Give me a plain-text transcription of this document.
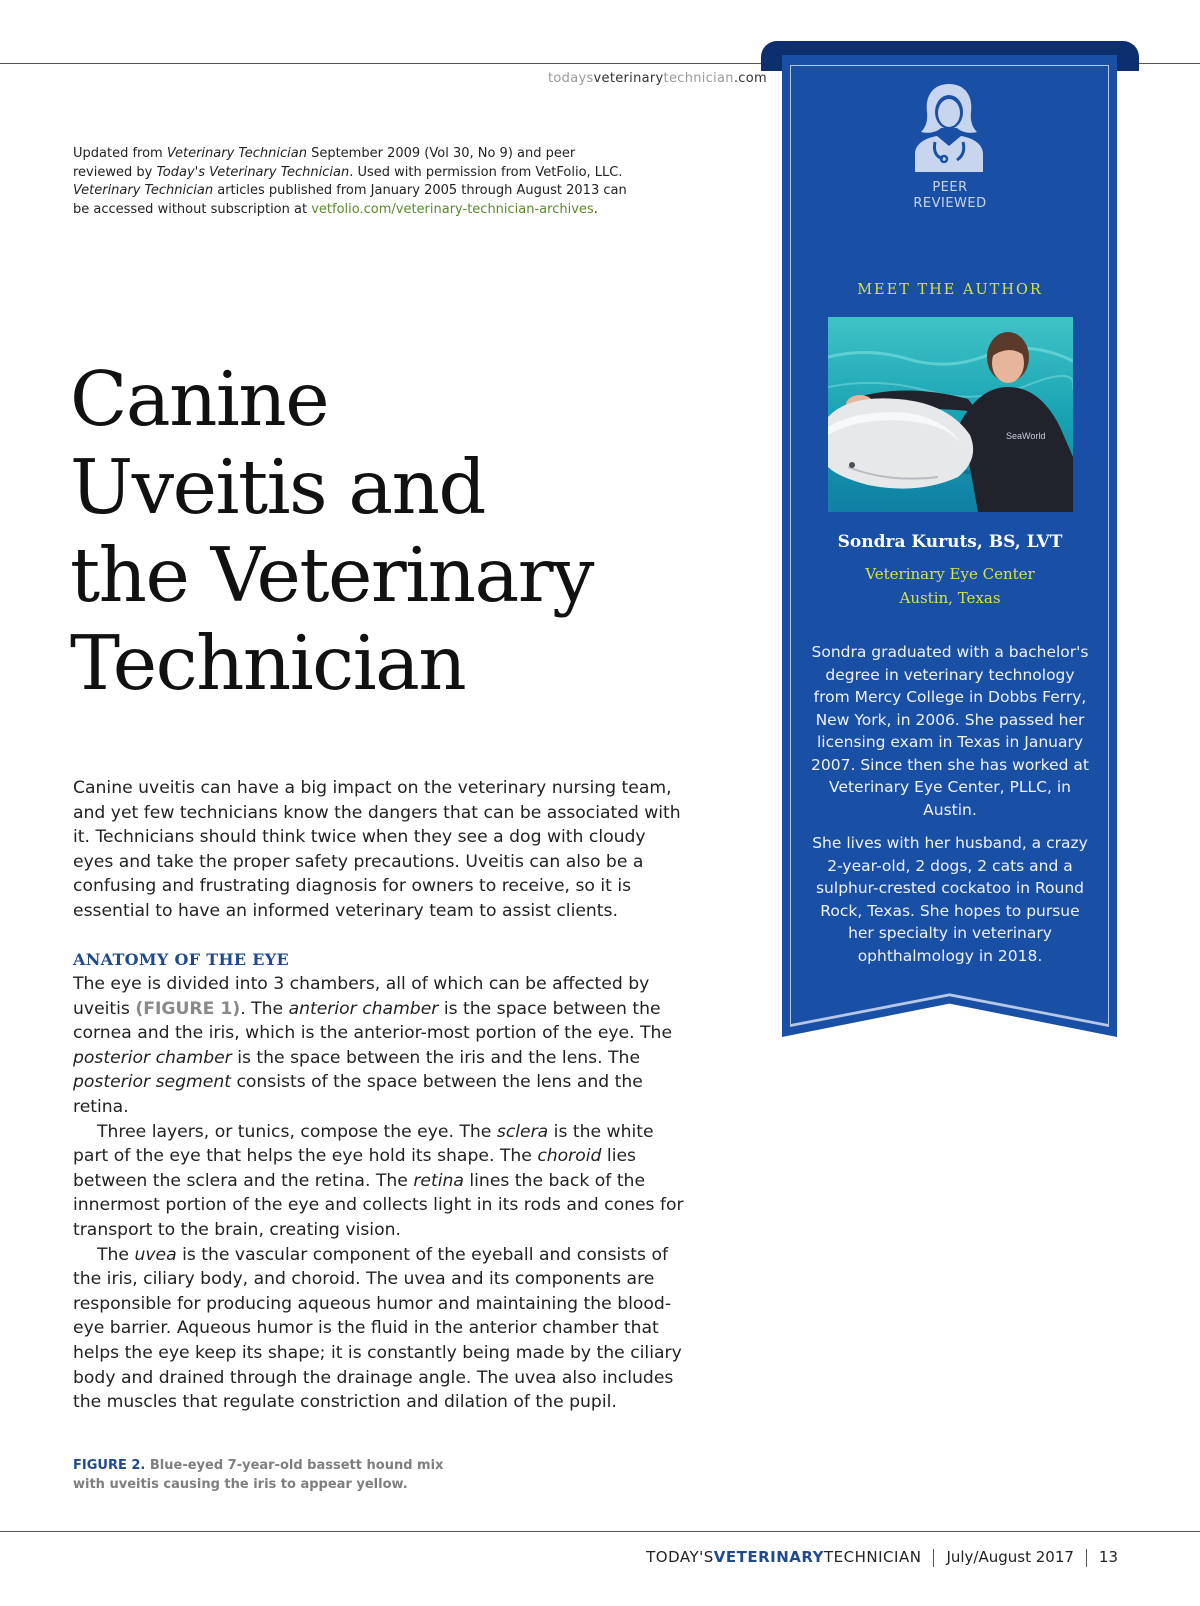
todaysveterinarytechnician.com
Updated from Veterinary Technician September 2009 (Vol 30, No 9) and peer reviewed by Today's Veterinary Technician. Used with permission from VetFolio, LLC. Veterinary Technician articles published from January 2005 through August 2013 can be accessed without subscription at vetfolio.com/veterinary-technician-archives.
Canine
Uveitis and
the Veterinary
Technician
Canine uveitis can have a big impact on the veterinary nursing team, and yet few technicians know the dangers that can be associated with it. Technicians should think twice when they see a dog with cloudy eyes and take the proper safety precautions. Uveitis can also be a confusing and frustrating diagnosis for owners to receive, so it is essential to have an informed veterinary team to assist clients.
ANATOMY OF THE EYE

The eye is divided into 3 chambers, all of which can be affected by uveitis (FIGURE 1). The anterior chamber is the space between the cornea and the iris, which is the anterior-most portion of the eye. The posterior chamber is the space between the iris and the lens. The posterior segment consists of the space between the lens and the retina.

Three layers, or tunics, compose the eye. The sclera is the white part of the eye that helps the eye hold its shape. The choroid lies between the sclera and the retina. The retina lines the back of the innermost portion of the eye and collects light in its rods and cones for transport to the brain, creating vision.

The uvea is the vascular component of the eyeball and consists of the iris, ciliary body, and choroid. The uvea and its components are responsible for producing aqueous humor and maintaining the blood-eye barrier. Aqueous humor is the fluid in the anterior chamber that helps the eye keep its shape; it is constantly being made by the ciliary body and drained through the drainage angle. The uvea also includes the muscles that regulate constriction and dilation of the pupil.

FIGURE 2. Blue-eyed 7-year-old bassett hound mix with uveitis causing the iris to appear yellow.
PEER
REVIEWED
MEET THE AUTHOR
SeaWorld
Sondra Kuruts, BS, LVT
Veterinary Eye Center
Austin, Texas

Sondra graduated with a bachelor's degree in veterinary technology from Mercy College in Dobbs Ferry, New York, in 2006. She passed her licensing exam in Texas in January 2007. Since then she has worked at Veterinary Eye Center, PLLC, in Austin.

She lives with her husband, a crazy 2-year-old, 2 dogs, 2 cats and a sulphur-crested cockatoo in Round Rock, Texas. She hopes to pursue her specialty in veterinary ophthalmology in 2018.

TODAY'SVETERINARYTECHNICIAN July/August 2017 13
